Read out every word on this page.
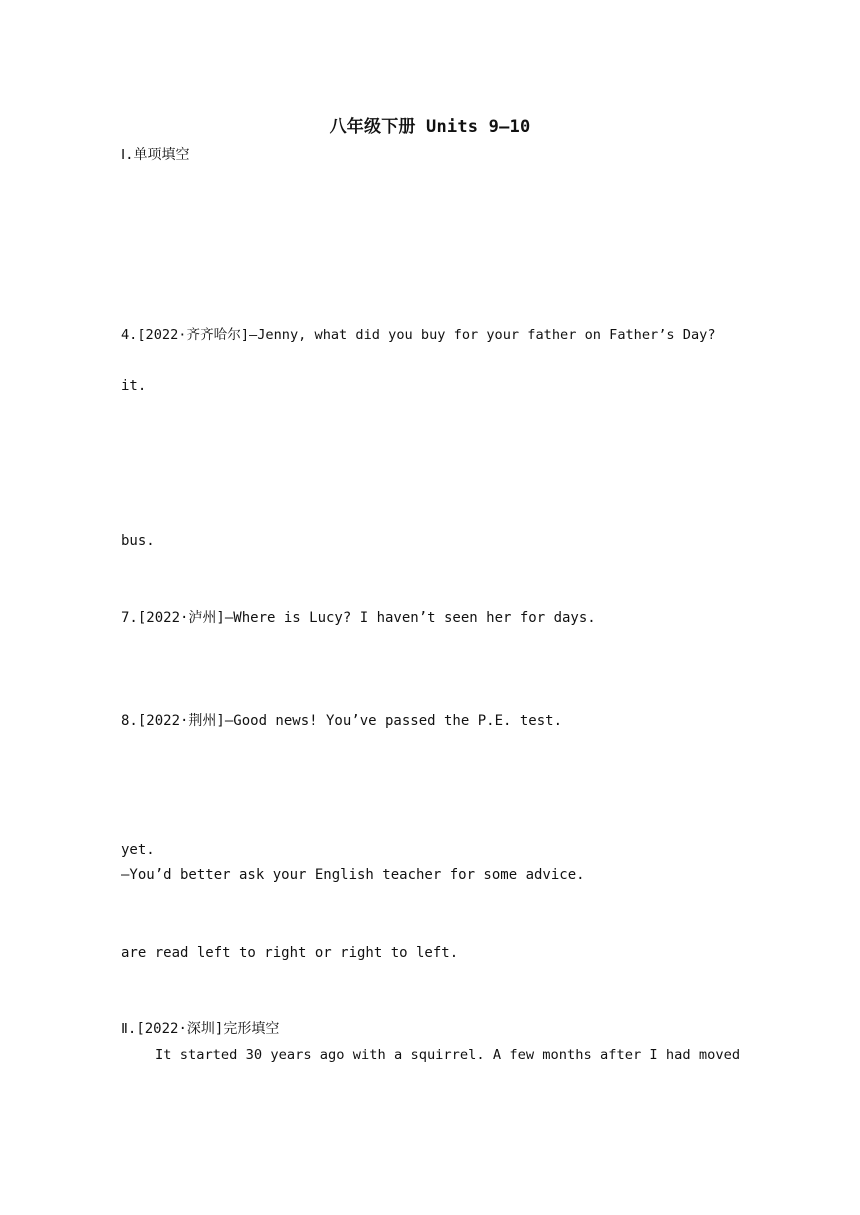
八年级下册 Units 9—10
Ⅰ.单项填空

4.[2022·齐齐哈尔]—Jenny, what did you buy for your father on Father’s Day?

it.

bus.

7.[2022·泸州]—Where is Lucy? I haven’t seen her for days.

8.[2022·荆州]—Good news! You’ve passed the P.E. test.

yet.
—You’d better ask your English teacher for some advice.

are read left to right or right to left.

Ⅱ.[2022·深圳]完形填空
It started 30 years ago with a squirrel. A few months after I had moved
